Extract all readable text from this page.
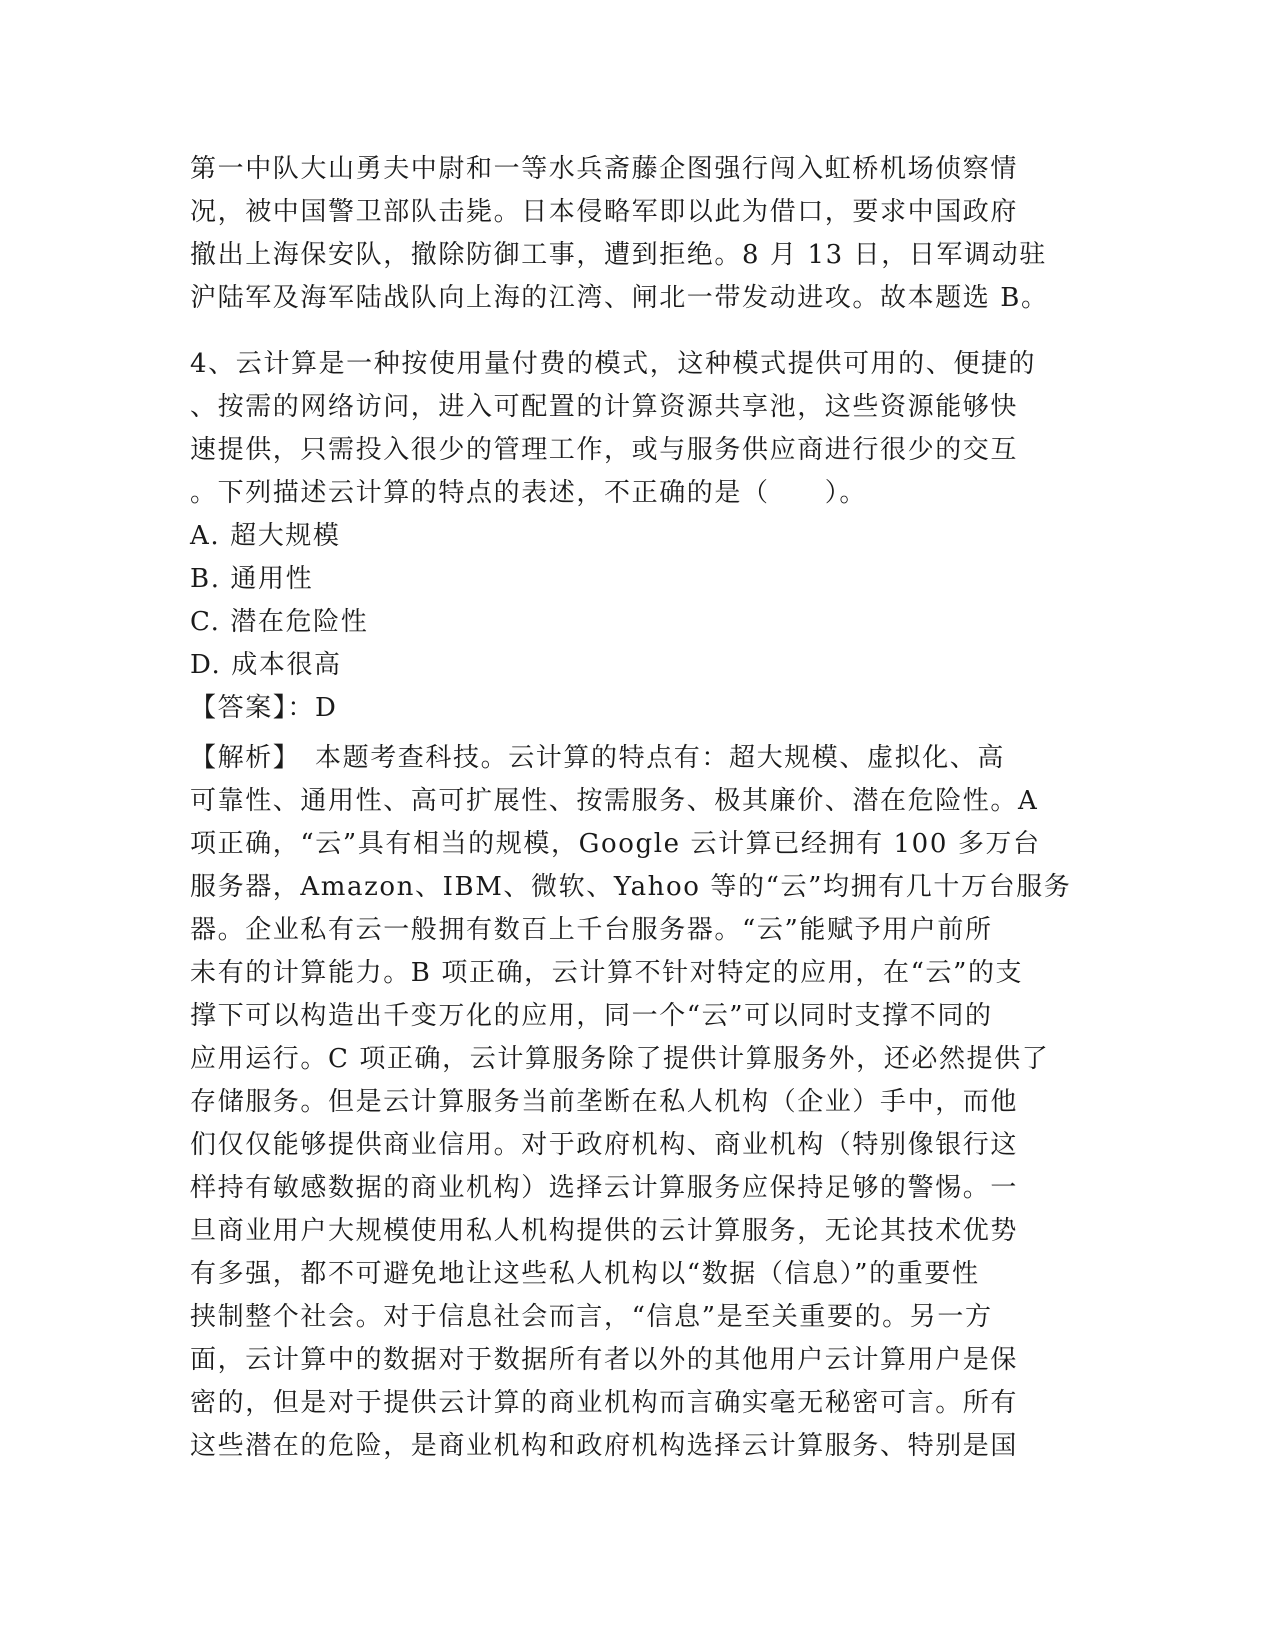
第一中队大山勇夫中尉和一等水兵斋藤企图强行闯入虹桥机场侦察情
况，被中国警卫部队击毙。日本侵略军即以此为借口，要求中国政府
撤出上海保安队，撤除防御工事，遭到拒绝。8 月 13 日，日军调动驻
沪陆军及海军陆战队向上海的江湾、闸北一带发动进攻。故本题选 B。
4、云计算是一种按使用量付费的模式，这种模式提供可用的、便捷的
、按需的网络访问，进入可配置的计算资源共享池，这些资源能够快
速提供，只需投入很少的管理工作，或与服务供应商进行很少的交互
。下列描述云计算的特点的表述，不正确的是（　　）。
A. 超大规模
B. 通用性
C. 潜在危险性
D. 成本很高
【答案】：D
【解析】　本题考查科技。云计算的特点有：超大规模、虚拟化、高
可靠性、通用性、高可扩展性、按需服务、极其廉价、潜在危险性。A
项正确，“云”具有相当的规模，Google 云计算已经拥有 100 多万台
服务器，Amazon、IBM、微软、Yahoo 等的“云”均拥有几十万台服务
器。企业私有云一般拥有数百上千台服务器。“云”能赋予用户前所
未有的计算能力。B 项正确，云计算不针对特定的应用，在“云”的支
撑下可以构造出千变万化的应用，同一个“云”可以同时支撑不同的
应用运行。C 项正确，云计算服务除了提供计算服务外，还必然提供了
存储服务。但是云计算服务当前垄断在私人机构（企业）手中，而他
们仅仅能够提供商业信用。对于政府机构、商业机构（特别像银行这
样持有敏感数据的商业机构）选择云计算服务应保持足够的警惕。一
旦商业用户大规模使用私人机构提供的云计算服务，无论其技术优势
有多强，都不可避免地让这些私人机构以“数据（信息）”的重要性
挟制整个社会。对于信息社会而言，“信息”是至关重要的。另一方
面，云计算中的数据对于数据所有者以外的其他用户云计算用户是保
密的，但是对于提供云计算的商业机构而言确实毫无秘密可言。所有
这些潜在的危险，是商业机构和政府机构选择云计算服务、特别是国
